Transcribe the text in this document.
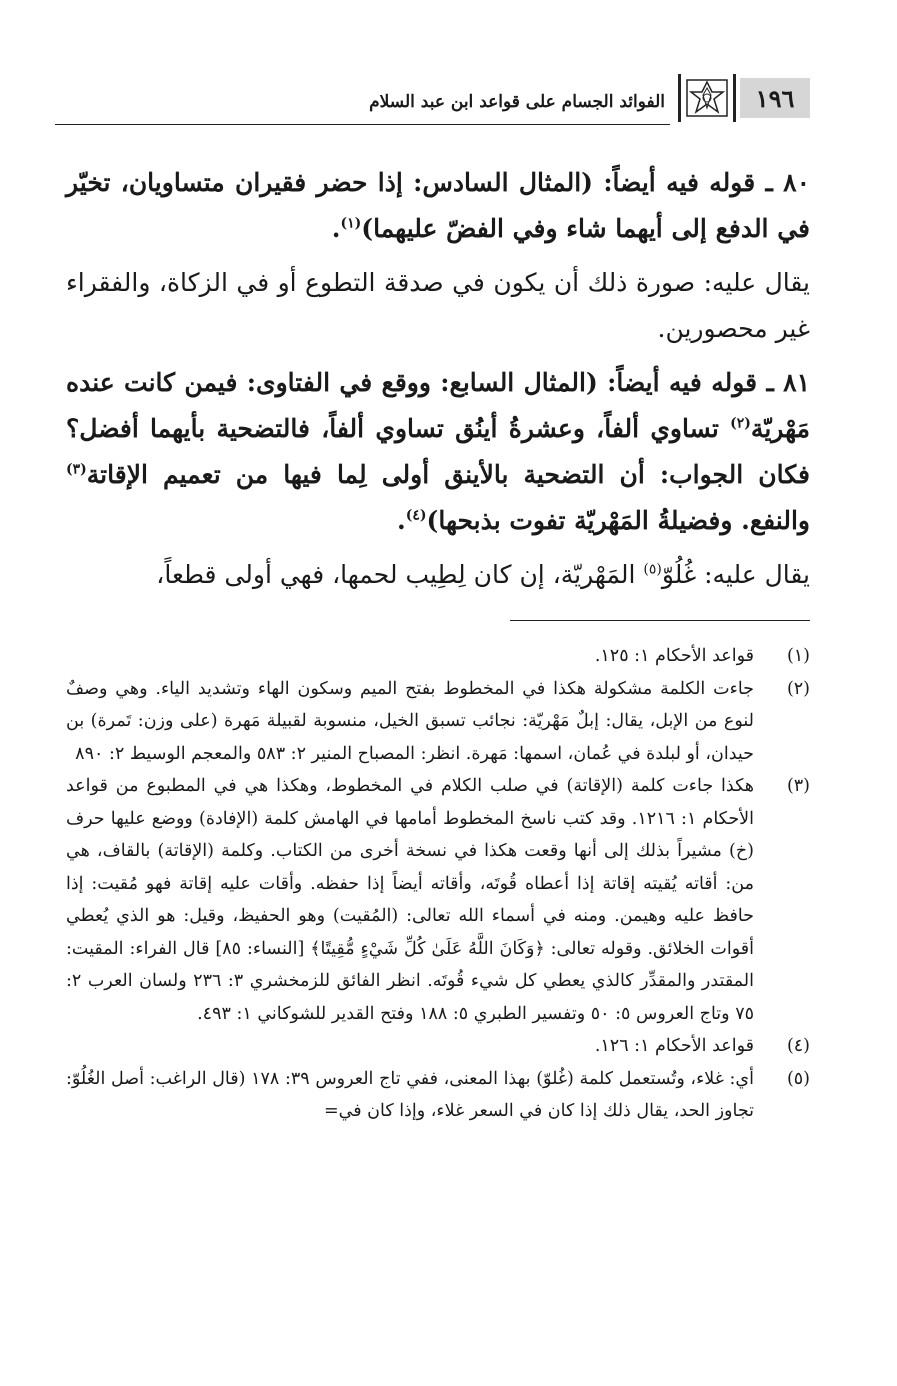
١٩٦
الفوائد الجسام على قواعد ابن عبد السلام

٨٠ ـ قوله فيه أيضاً: (المثال السادس: إذا حضر فقيران متساويان، تخيّر في الدفع إلى أيهما شاء وفي الفضّ عليهما)$^{(١)}$.

يقال عليه: صورة ذلك أن يكون في صدقة التطوع أو في الزكاة، والفقراء غير محصورين.

٨١ ـ قوله فيه أيضاً: (المثال السابع: ووقع في الفتاوى: فيمن كانت عنده مَهْريّة$^{(٢)}$ تساوي ألفاً، وعشرةُ أينُق تساوي ألفاً، فالتضحية بأيهما أفضل؟ فكان الجواب: أن التضحية بالأينق أولى لِما فيها من تعميم الإقاتة$^{(٣)}$ والنفع. وفضيلةُ المَهْريّة تفوت بذبحها)$^{(٤)}$.

يقال عليه: غُلُوّ$^{(٥)}$ المَهْريّة، إن كان لِطِيب لحمها، فهي أولى قطعاً،

(١)
قواعد الأحكام ١: ١٢٥.
(٢)
جاءت الكلمة مشكولة هكذا في المخطوط بفتح الميم وسكون الهاء وتشديد الياء. وهي وصفٌ لنوع من الإبل، يقال: إبلٌ مَهْريّة: نجائب تسبق الخيل، منسوبة لقبيلة مَهرة (على وزن: تَمرة) بن حيدان، أو لبلدة في عُمان، اسمها: مَهرة. انظر: المصباح المنير ٢: ٥٨٣ والمعجم الوسيط ٢: ٨٩٠
(٣)
هكذا جاءت كلمة (الإقاتة) في صلب الكلام في المخطوط، وهكذا هي في المطبوع من قواعد الأحكام ١: ١٢١٦. وقد كتب ناسخ المخطوط أمامها في الهامش كلمة (الإفادة) ووضع عليها حرف (خ) مشيراً بذلك إلى أنها وقعت هكذا في نسخة أخرى من الكتاب. وكلمة (الإقاتة) بالقاف، هي من: أقاته يُقيته إقاتة إذا أعطاه قُوتَه، وأقاته أيضاً إذا حفظه. وأقات عليه إقاتة فهو مُقيت: إذا حافظ عليه وهيمن. ومنه في أسماء الله تعالى: (المُقيت) وهو الحفيظ، وقيل: هو الذي يُعطي أقوات الخلائق. وقوله تعالى: ﴿وَكَانَ اللَّهُ عَلَىٰ كُلِّ شَيْءٍ مُّقِيتًا﴾ [النساء: ٨٥] قال الفراء: المقيت: المقتدر والمقدِّر كالذي يعطي كل شيء قُوتَه. انظر الفائق للزمخشري ٣: ٢٣٦ ولسان العرب ٢: ٧٥ وتاج العروس ٥: ٥٠ وتفسير الطبري ٥: ١٨٨ وفتح القدير للشوكاني ١: ٤٩٣.
(٤)
قواعد الأحكام ١: ١٢٦.
(٥)
أي: غلاء، وتُستعمل كلمة (غُلوّ) بهذا المعنى، ففي تاج العروس ٣٩: ١٧٨ (قال الراغب: أصل الغُلُوّ: تجاوز الحد، يقال ذلك إذا كان في السعر غلاء، وإذا كان في=
